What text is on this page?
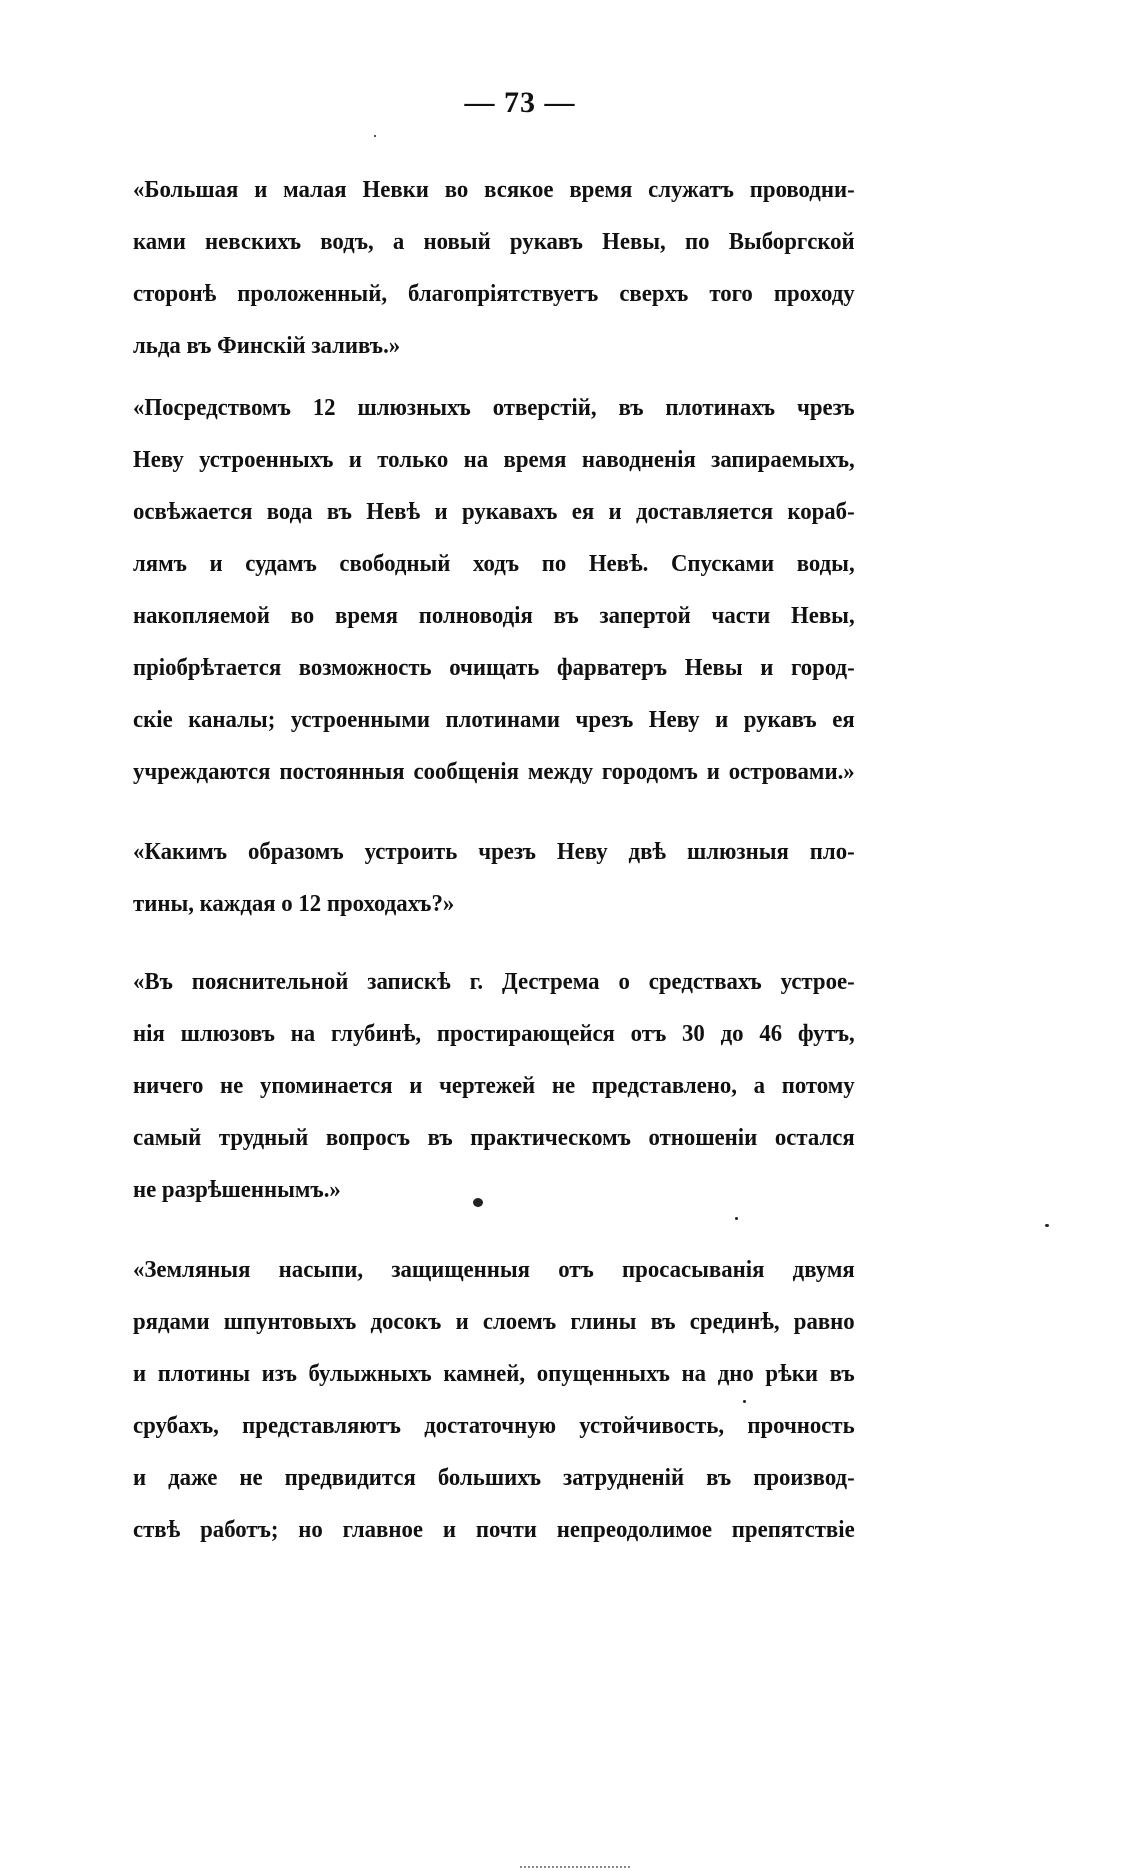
— 73 —
«Большая и малая Невки во всякое время служатъ проводни-
ками невскихъ водъ, а новый рукавъ Невы, по Выборгской
сторонѣ проложенный, благопріятствуетъ сверхъ того проходу
льда въ Финскій заливъ.»
«Посредствомъ 12 шлюзныхъ отверстій, въ плотинахъ чрезъ
Неву устроенныхъ и только на время наводненія запираемыхъ,
освѣжается вода въ Невѣ и рукавахъ ея и доставляется кораб-
лямъ и судамъ свободный ходъ по Невѣ. Спусками воды,
накопляемой во время полноводія въ запертой части Невы,
пріобрѣтается возможность очищать фарватеръ Невы и город-
скіе каналы; устроенными плотинами чрезъ Неву и рукавъ ея
учреждаются постоянныя сообщенія между городомъ и островами.»
«Какимъ образомъ устроить чрезъ Неву двѣ шлюзныя пло-
тины, каждая о 12 проходахъ?»
«Въ пояснительной запискѣ г. Дестрема о средствахъ устрое-
нія шлюзовъ на глубинѣ, простирающейся отъ 30 до 46 футъ,
ничего не упоминается и чертежей не представлено, а потому
самый трудный вопросъ въ практическомъ отношеніи остался
не разрѣшеннымъ.»
«Земляныя насыпи, защищенныя отъ просасыванія двумя
рядами шпунтовыхъ досокъ и слоемъ глины въ срединѣ, равно
и плотины изъ булыжныхъ камней, опущенныхъ на дно рѣки въ
срубахъ, представляютъ достаточную устойчивость, прочность
и даже не предвидится большихъ затрудненій въ производ-
ствѣ работъ; но главное и почти непреодолимое препятствіе
